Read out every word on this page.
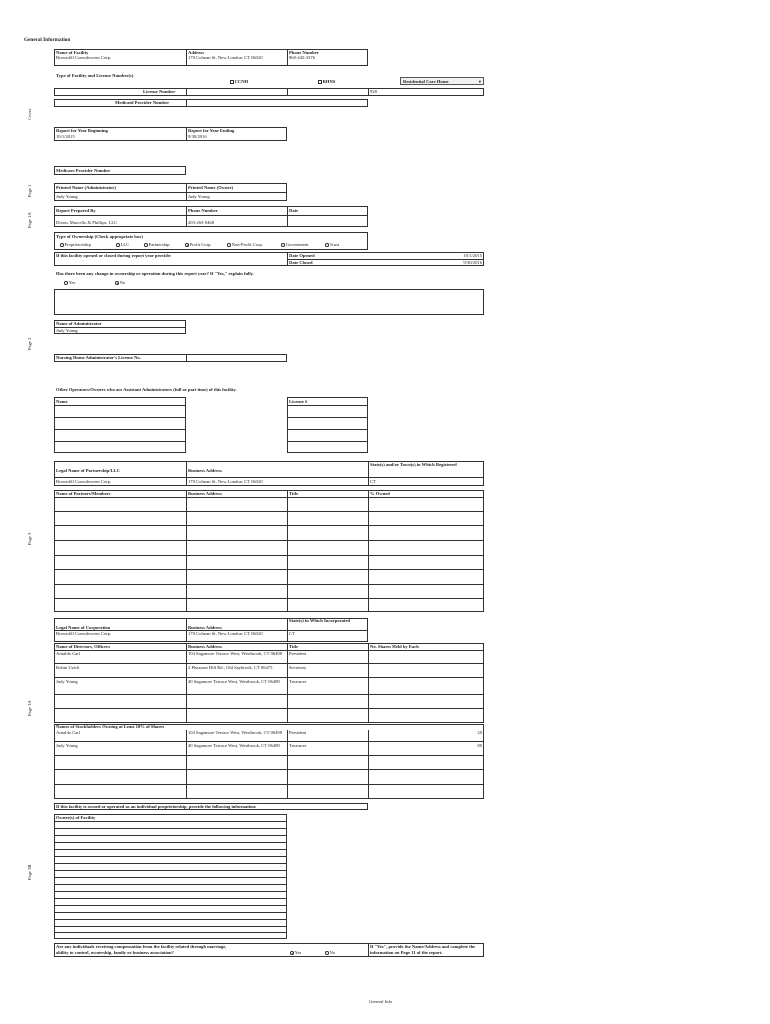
General Information
Name of Facility
Brownfill Convalescent Corp.
Address
179 Colman St, New London, CT 06320
Phone Number
860-443-3376
Type of Facility and License Number(s)
CCNH	RHNS	Residential Care Home	▾
License Number	928
Medicaid Provider Number
Report for Year Beginning
10/1/2015
Report for Year Ending
9/30/2016
Medicare Provider Number
Printed Name (Administrator)
Judy Young
Printed Name (Owner)
Judy Young
Report Prepared By
Dixon, Marcello & Phillips, LLC
Phone Number
203-265-0468
Date
Type of Ownership (Check appropriate box)
Proprietorship	LLC	Partnership	Profit Corp.	Non-Profit Corp.	Government	Trust
If this facility opened or closed during report year provide:	Date Opened	10/1/2015
Date Closed	9/30/2016
Has there been any change in ownership or operation during this report year? If "Yes," explain fully.
Yes	No
Name of Administrator
Judy Young
Nursing Home Administrator's License No.
Other Operators/Owners who are Assistant Administrators (full or part time) of this facility.
Name	License #
Legal Name of Partnership/LLC	Business Address
State(s) and/or Town(s) in Which Registered
Brownfill Convalescent Corp.	179 Colman St, New London, CT 06320	CT
Name of Partners/Members	Business Address	Title	% Owned
Legal Name of Corporation	Business Address
State(s) in Which Incorporated
Brownfill Convalescent Corp.	179 Colman St, New London, CT 06320	CT
Name of Directors, Officers	Business Address	Title	No. Shares Held by Each
Arnaldo Carl	104 Sagamore Terrace West, Westbrook, CT 06498	President
Robin Uzich	2 Pheasant Hill Rd., Old Saybrook, CT 06475	Secretary
Judy Young	40 Sagamore Terrace West, Westbrook, CT 06498	Treasurer
Names of Stockholders Owning at Least 10% of Shares
Arnaldo Carl	104 Sagamore Terrace West, Westbrook, CT 06498	President	20
Judy Young	40 Sagamore Terrace West, Westbrook, CT 06498	Treasurer	80
If this facility is owned or operated as an individual proprietorship, provide the following information:
Owner(s) of Facility
Are any individuals receiving compensation from the facility related through marriage,
ability to control, ownership, family or business association?	Yes	No
If "Yes", provide the Name/Address and complete the
information on Page 11 of the report.
Cover
Page 1
Page 1A
Page 2
Page 3
Page 3A
Page 3B
General Info
